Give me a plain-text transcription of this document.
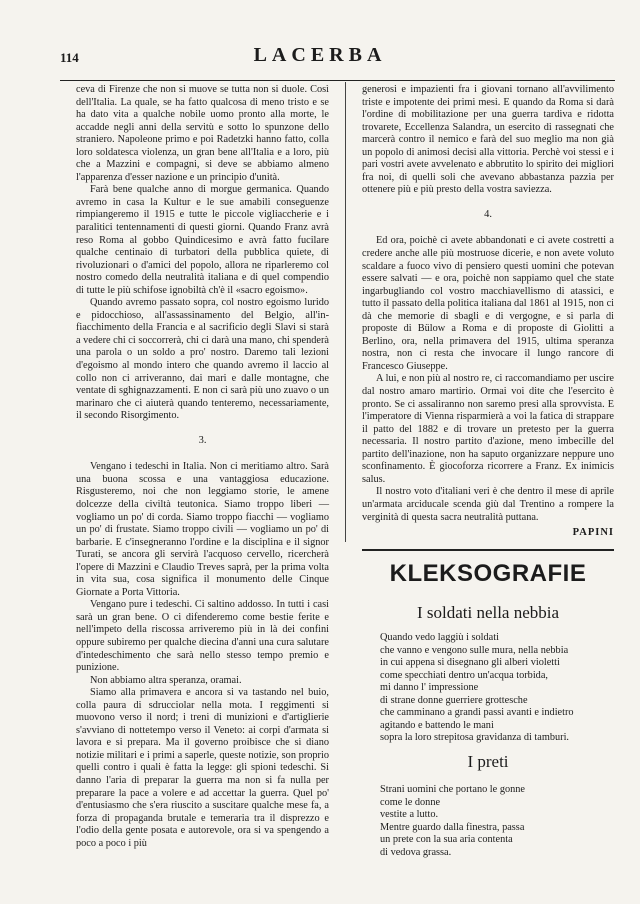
114	LACERBA

ceva di Firenze che non si muove se tutta non si duole. Così dell'Italia. La quale, se ha fatto qualcosa di meno tristo e se ha dato vita a qualche nobile uomo pronto alla morte, le accadde negli anni della servitù e sotto lo spunzone dello straniero. Napoleone primo e poi Radetzki hanno fatto, colla loro soldatesca violenza, un gran bene all'Italia e a loro, più che a Mazzini e compagni, si deve se abbiamo almeno l'apparenza d'esser nazione e un principio d'unità.

Farà bene qualche anno di morgue germanica. Quando avremo in casa la Kultur e le sue amabili conseguenze rimpiangeremo il 1915 e tutte le piccole vigliaccherie e i paralitici tentennamenti di questi giorni. Quando Franz avrà reso Roma al gobbo Quindicesimo e avrà fatto fucilare qualche centinaio di turbatori della pubblica quiete, di rivoluzionari o d'amici del popolo, allora ne riparleremo col nostro comedo della neutralità italiana e di quel compendio di tutte le più schifose ignobiltà ch'è il «sacro egoismo».

Quando avremo passato sopra, col nostro egoismo lurido e pidocchioso, all'assassinamento del Belgio, all'infiacchimento della Francia e al sacrificio degli Slavi si starà a vedere chi ci soccorrerà, chi ci darà una mano, chi spenderà una parola o un soldo a pro' nostro. Daremo tali lezioni d'egoismo al mondo intero che quando avremo il laccio al collo non ci arriveranno, dai mari e dalle montagne, che ventate di sghignazzamenti. E non ci sarà più uno zuavo o un marinaro che ci aiuterà quando tenteremo, necessariamente, il secondo Risorgimento.

3.

Vengano i tedeschi in Italia. Non ci meritiamo altro. Sarà una buona scossa e una vantaggiosa educazione. Risgusteremo, noi che non leggiamo storie, le amene dolcezze della civiltà teutonica. Siamo troppo liberi — vogliamo un po' di corda. Siamo troppo fiacchi — vogliamo un po' di frustate. Siamo troppo civili — vogliamo un po' di barbarie. E c'insegneranno l'ordine e la disciplina e il signor Turati, se ancora gli servirà l'acquoso cervello, ricercherà l'opere di Mazzini e Claudio Treves saprà, per la prima volta in vita sua, cosa significa il monumento delle Cinque Giornate a Porta Vittoria.

Vengano pure i tedeschi. Ci saltino addosso. In tutti i casi sarà un gran bene. O ci difenderemo come bestie ferite e nell'impeto della riscossa arriveremo più in là dei confini oppure subiremo per qualche diecina d'anni una cura salutare d'intedeschimento che sarà nello stesso tempo premio e punizione.

Non abbiamo altra speranza, oramai.

Siamo alla primavera e ancora si va tastando nel buio, colla paura di sdrucciolar nella mota. I reggimenti si muovono verso il nord; i treni di munizioni e d'artiglierie s'avviano di nottetempo verso il Veneto: ai corpi d'armata si lavora e si prepara. Ma il governo proibisce che si diano notizie militari e i primi a saperle, queste notizie, son proprio quelli contro i quali è fatta la legge: gli spioni tedeschi. Si danno l'aria di preparar la guerra ma non si fa nulla per preparare la pace a volere e ad accettar la guerra. Quel po' d'entusiasmo che s'era riuscito a suscitare qualche mese fa, a forza di propaganda brutale e temeraria tra il disprezzo e l'odio della gente posata e autorevole, ora si va spengendo a poco a poco i più

generosi e impazienti fra i giovani tornano all'avvilimento triste e impotente dei primi mesi. E quando da Roma si darà l'ordine di mobilitazione per una guerra tardiva e ridotta trovarete, Eccellenza Salandra, un esercito di rassegnati che marcerà contro il nemico e farà del suo meglio ma non già un popolo di animosi decisi alla vittoria. Perchè voi stessi e i pari vostri avete avvelenato e abbrutito lo spirito dei migliori fra noi, di quelli soli che avevano abbastanza pazzia per ottenere più e più presto della vostra saviezza.

4.

Ed ora, poichè ci avete abbandonati e ci avete costretti a credere anche alle più mostruose dicerie, e non avete voluto scaldare a fuoco vivo di pensiero questi uomini che potevan essere salvati — e ora, poichè non sappiamo quel che state ingarbugliando col vostro macchiavellismo di atassici, e tutto il passato della politica italiana dal 1861 al 1915, non ci dà che memorie di sbagli e di vergogne, e si parla di proposte di Bülow a Roma e di proposte di Giolitti a Berlino, ora, nella primavera del 1915, ultima speranza nostra, non ci resta che invocare il lungo rancore di Francesco Giuseppe.

A lui, e non più al nostro re, ci raccomandiamo per uscire dal nostro amaro martirio. Ormai voi dite che l'esercito è pronto. Se ci assaliranno non saremo presi alla sprovvista. E l'imperatore di Vienna risparmierà a voi la fatica di strappare il patto del 1882 e di trovare un pretesto per la guerra necessaria. Il nostro partito d'azione, meno imbecille del partito dell'inazione, non ha saputo organizzare neppure uno sconfinamento. È giocoforza ricorrere a Franz. Ex inimicis salus.

Il nostro voto d'italiani veri è che dentro il mese di aprile un'armata arciducale scenda giù dal Trentino a rompere la verginità di questa sacra neutralità puttana.

PAPINI
KLEKSOGRAFIE
I soldati nella nebbia
Quando vedo laggiù i soldati
che vanno e vengono sulle mura, nella nebbia
in cui appena si disegnano gli alberi violetti
come specchiati dentro un'acqua torbida,
mi danno l' impressione
di strane donne guerriere grottesche
che camminano a grandi passi avanti e indietro
agitando e battendo le mani
sopra la loro strepitosa gravidanza di tamburi.
I preti
Strani uomini che portano le gonne
come le donne
vestite a lutto.
Mentre guardo dalla finestra, passa
un prete con la sua aria contenta
di vedova grassa.
